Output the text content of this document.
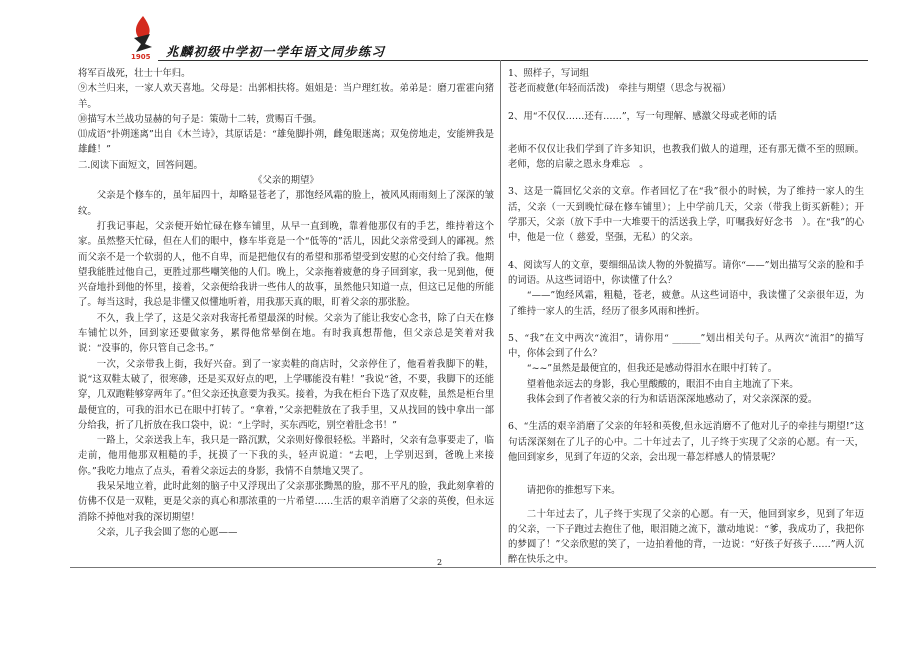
1905 兆麟初级中学初一学年语文同步练习

将军百战死，壮士十年归。

⑨木兰归来，一家人欢天喜地。父母是：出郭相扶将。姐姐是：当户理红妆。弟弟是：磨刀霍霍向猪羊。

⑩描写木兰战功显赫的句子是：策勋十二转，赏赐百千强。

⑾成语“扑朔迷离”出自《木兰诗》，其原话是：“雄兔脚扑朔，雌兔眼迷离；双兔傍地走，安能辨我是雄雌！”

二.阅读下面短文，回答问题。

《父亲的期望》

父亲是个修车的，虽年届四十，却略显苍老了，那饱经风霜的脸上，被风风雨雨刻上了深深的皱纹。

打我记事起，父亲便开始忙碌在修车铺里，从早一直到晚，靠着他那仅有的手艺，维持着这个家。虽然整天忙碌，但在人们的眼中，修车毕竟是一个“低等的”活儿，因此父亲常受到人的鄙视。然而父亲不是一个软弱的人，他不自卑，而是把他仅有的希望和那希望受到安慰的心交付给了我。他期望我能胜过他自己，更胜过那些嘲笑他的人们。晚上，父亲拖着疲惫的身子回到家，我一见到他，便兴奋地扑到他的怀里，接着，父亲便给我讲一些伟人的故事，虽然他只知道一点，但这已足他的所能了。每当这时，我总是非懂又似懂地听着，用我那天真的眼，盯着父亲的那张脸。

不久，我上学了，这是父亲对我寄托希望最深的时候。父亲为了能让我安心念书，除了白天在修车铺忙以外，回到家还要做家务，累得他常晕倒在地。有时我真想帮他，但父亲总是笑着对我说：“没事的，你只管自己念书。”

一次，父亲带我上街，我好兴奋。到了一家卖鞋的商店时，父亲停住了，他看着我脚下的鞋，说“这双鞋太破了，很寒碜，还是买双好点的吧，上学哪能没有鞋！”我说“爸，不要，我脚下的还能穿，几双跑鞋够穿两年了。”但父亲还执意要为我买。接着，为我在柜台下选了双皮鞋，虽然是柜台里最便宜的，可我的泪水已在眼中打转了。“拿着，”父亲把鞋放在了我手里，又从找回的钱中拿出一部分给我，折了几折放在我口袋中，说：“上学时，买东西吃，别空着肚念书！”

一路上，父亲送我上车，我只是一路沉默，父亲则好像很轻松。半路时，父亲有急事要走了，临走前，他用他那双粗糙的手，抚摸了一下我的头，轻声说道：“去吧，上学别迟到，爸晚上来接你。”我吃力地点了点头，看着父亲远去的身影，我情不自禁地又哭了。

我呆呆地立着，此时此刻的脑子中又浮现出了父亲那张黝黑的脸，那不平凡的脸，我此刻拿着的仿佛不仅是一双鞋，更是父亲的真心和那浓重的一片希望……生活的艰辛消磨了父亲的英俊，但永远消除不掉他对我的深切期望！

父亲，儿子我会圆了您的心愿——

1、照样子，写词组

苍老而疲惫(年轻而活泼)　牵挂与期望（思念与祝福）

2、用“不仅仅……还有……”，写一句理解、感激父母或老师的话

老师不仅仅让我们学到了许多知识，也教我们做人的道理，还有那无微不至的照顾。老师，您的启蒙之恩永身难忘　。

3、这是一篇回忆父亲的文章。作者回忆了在“我”很小的时候，为了维持一家人的生活，父亲（一天到晚忙碌在修车铺里）；上中学前几天，父亲（带我上街买新鞋）；开学那天，父亲（放下手中一大堆要干的活送我上学，叮嘱我好好念书　）。在“我”的心中，他是一位（ 慈爱，坚强，无私）的父亲。

4、阅读写人的文章，要细细品读人物的外貌描写。请你“——”划出描写父亲的脸和手的词语。从这些词语中，你读懂了什么？

“——”饱经风霜，粗糙，苍老，疲惫。从这些词语中，我读懂了父亲很年迈，为了维持一家人的生活，经历了很多风雨和挫折。

5、“我”在文中两次“流泪”，请你用“ ______”划出相关句子。从两次“流泪”的描写中，你体会到了什么？

“~~”虽然是最便宜的，但我还是感动得泪水在眼中打转了。

望着他亲远去的身影，我心里酸酸的，眼泪不由自主地流了下来。

我体会到了作者被父亲的行为和话语深深地感动了，对父亲深深的爱。

6、“生活的艰辛消磨了父亲的年轻和英俊,但永远消磨不了他对儿子的牵挂与期望!”这句话深深刻在了儿子的心中。二十年过去了，儿子终于实现了父亲的心愿。有一天，他回到家乡，见到了年迈的父亲，会出现一幕怎样感人的情景呢？

请把你的推想写下来。

二十年过去了，儿子终于实现了父亲的心愿。有一天，他回到家乡，见到了年迈的父亲，一下子跑过去抱住了他，眼泪随之流下，激动地说：“爹，我成功了，我把你的梦圆了！”父亲欣慰的笑了，一边拍着他的背，一边说：“好孩子好孩子……”两人沉醉在快乐之中。

2
